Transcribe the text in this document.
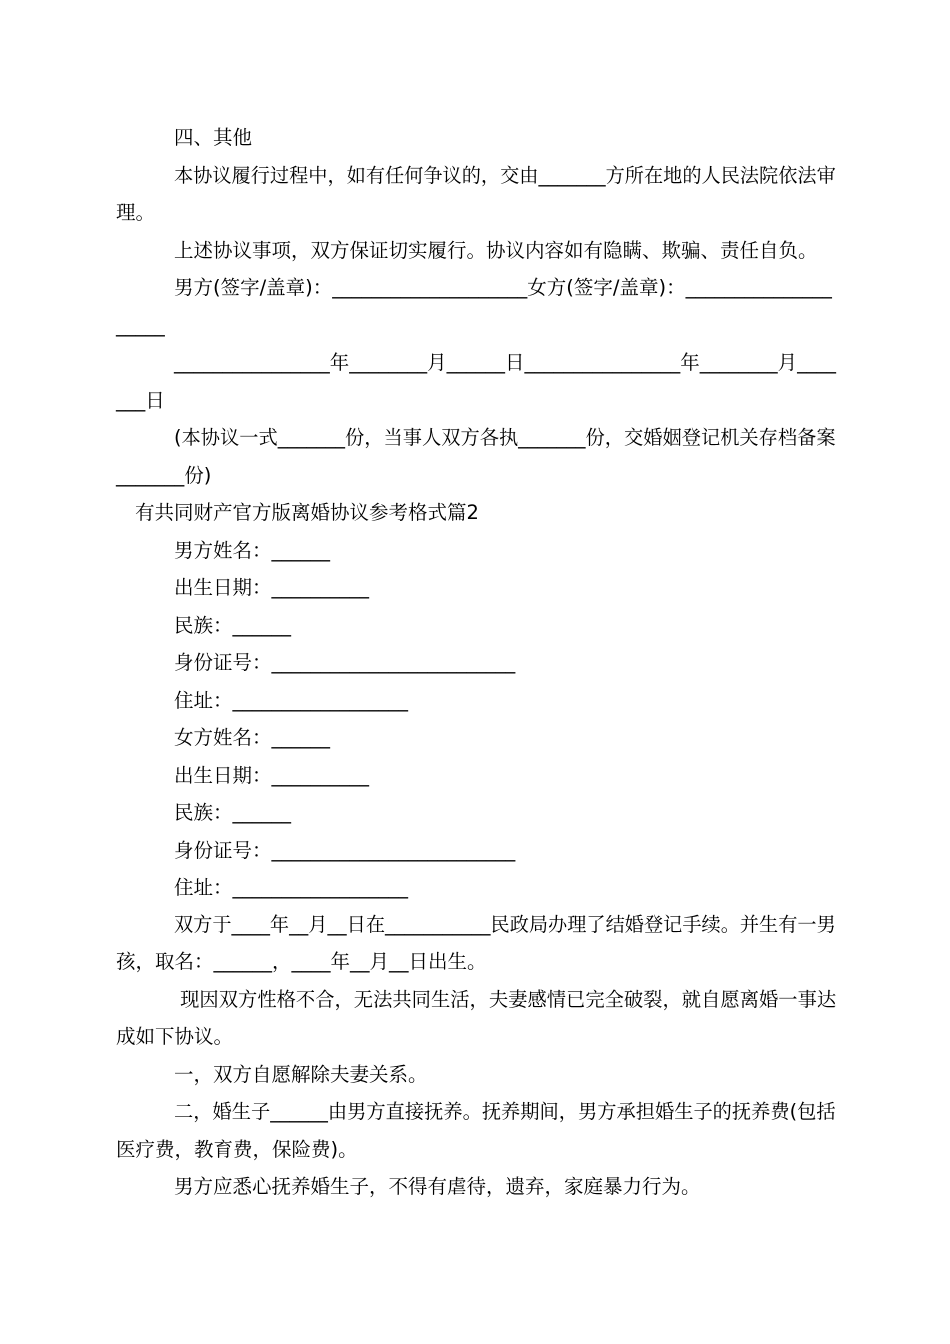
四、其他
本协议履行过程中，如有任何争议的，交由_______方所在地的人民法院依法审
理。
上述协议事项，双方保证切实履行。协议内容如有隐瞒、欺骗、责任自负。
男方(签字/盖章)：____________________女方(签字/盖章)：_______________
_____
________________年________月______日________________年________月____
___日
(本协议一式_______份，当事人双方各执_______份，交婚姻登记机关存档备案
_______份)
有共同财产官方版离婚协议参考格式篇2
男方姓名：______
出生日期：__________
民族：______
身份证号：_________________________
住址：__________________
女方姓名：______
出生日期：__________
民族：______
身份证号：_________________________
住址：__________________
双方于____年__月__日在___________民政局办理了结婚登记手续。并生有一男
孩，取名：______，____年__月__日出生。
现因双方性格不合，无法共同生活，夫妻感情已完全破裂，就自愿离婚一事达
成如下协议。
一，双方自愿解除夫妻关系。
二，婚生子______由男方直接抚养。抚养期间，男方承担婚生子的抚养费(包括
医疗费，教育费，保险费)。
男方应悉心抚养婚生子，不得有虐待，遗弃，家庭暴力行为。
